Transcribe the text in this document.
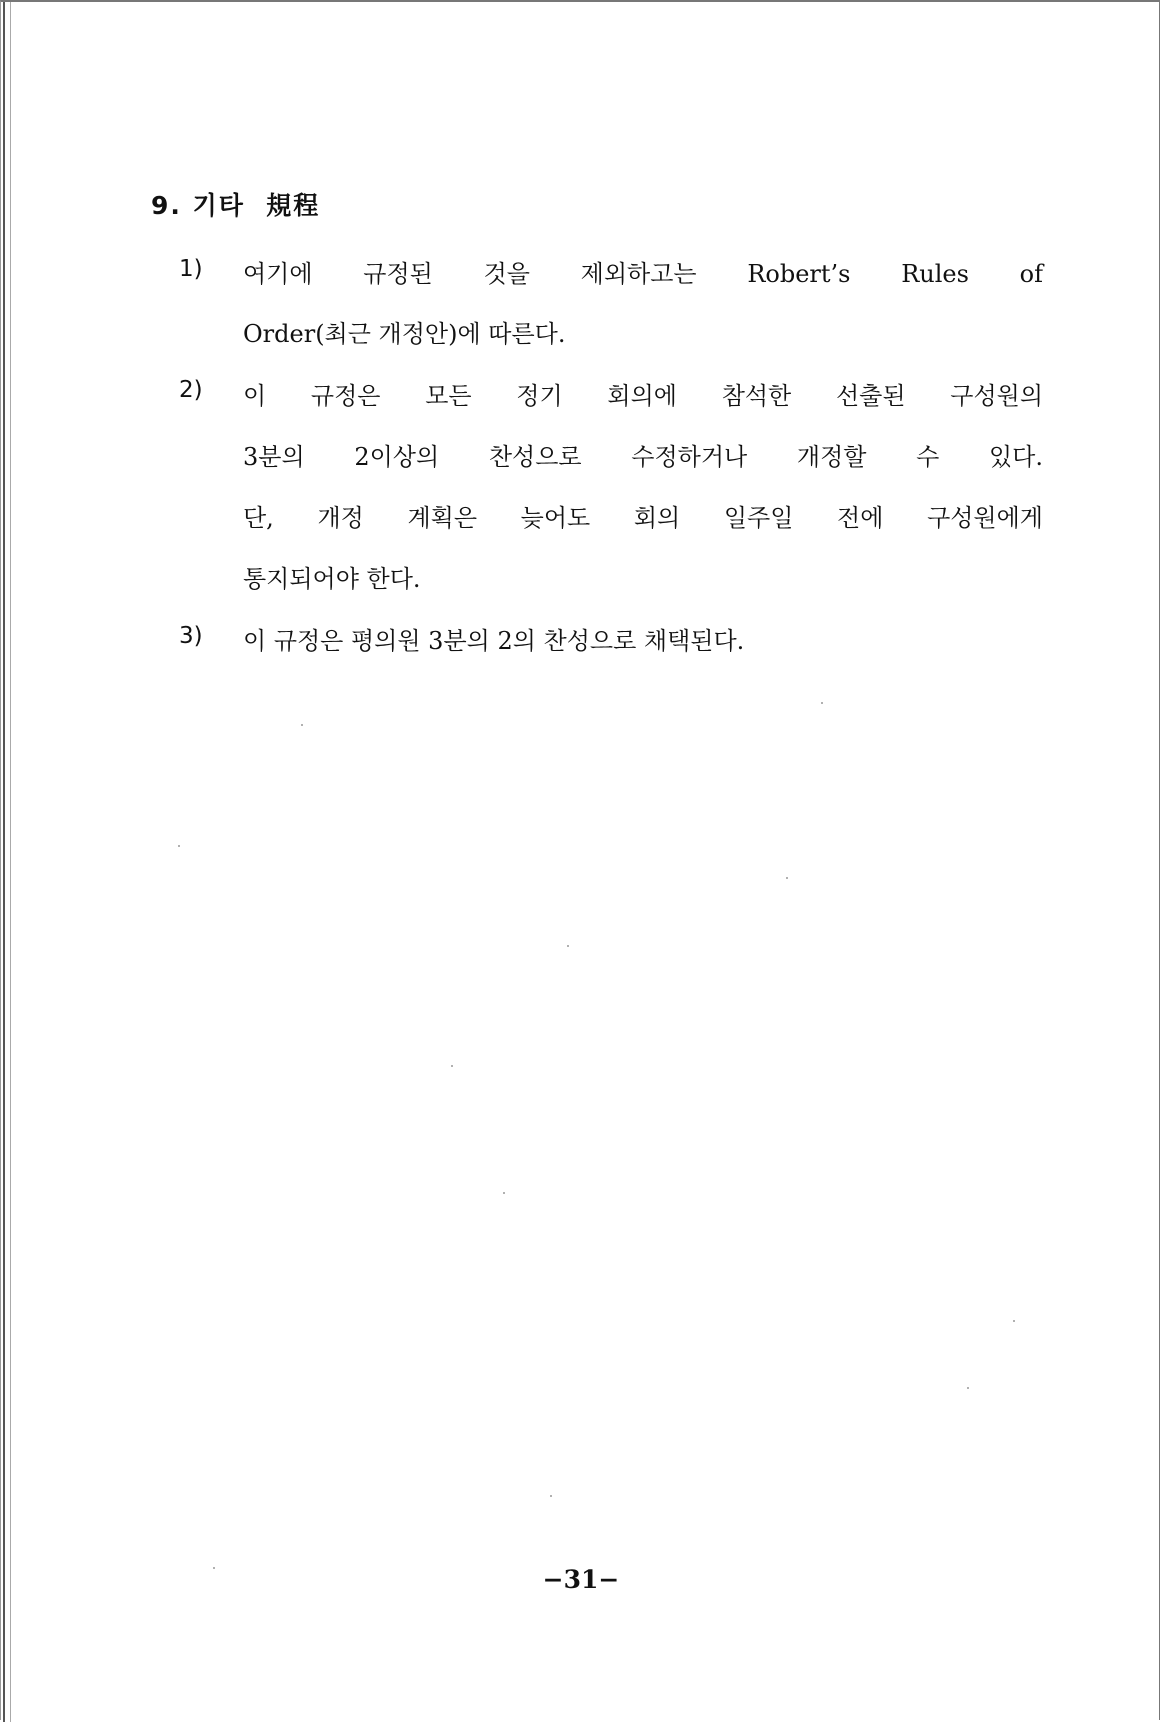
9. 기타  規程
1) 여기에 규정된 것을 제외하고는 Robert’s Rules of
Order(최근 개정안)에 따른다.
2) 이 규정은 모든 정기 회의에 참석한 선출된 구성원의
3분의 2이상의 찬성으로 수정하거나 개정할 수 있다.
단, 개정 계획은 늦어도 회의 일주일 전에 구성원에게
통지되어야 한다.
3) 이 규정은 평의원 3분의 2의 찬성으로 채택된다.
−31−
